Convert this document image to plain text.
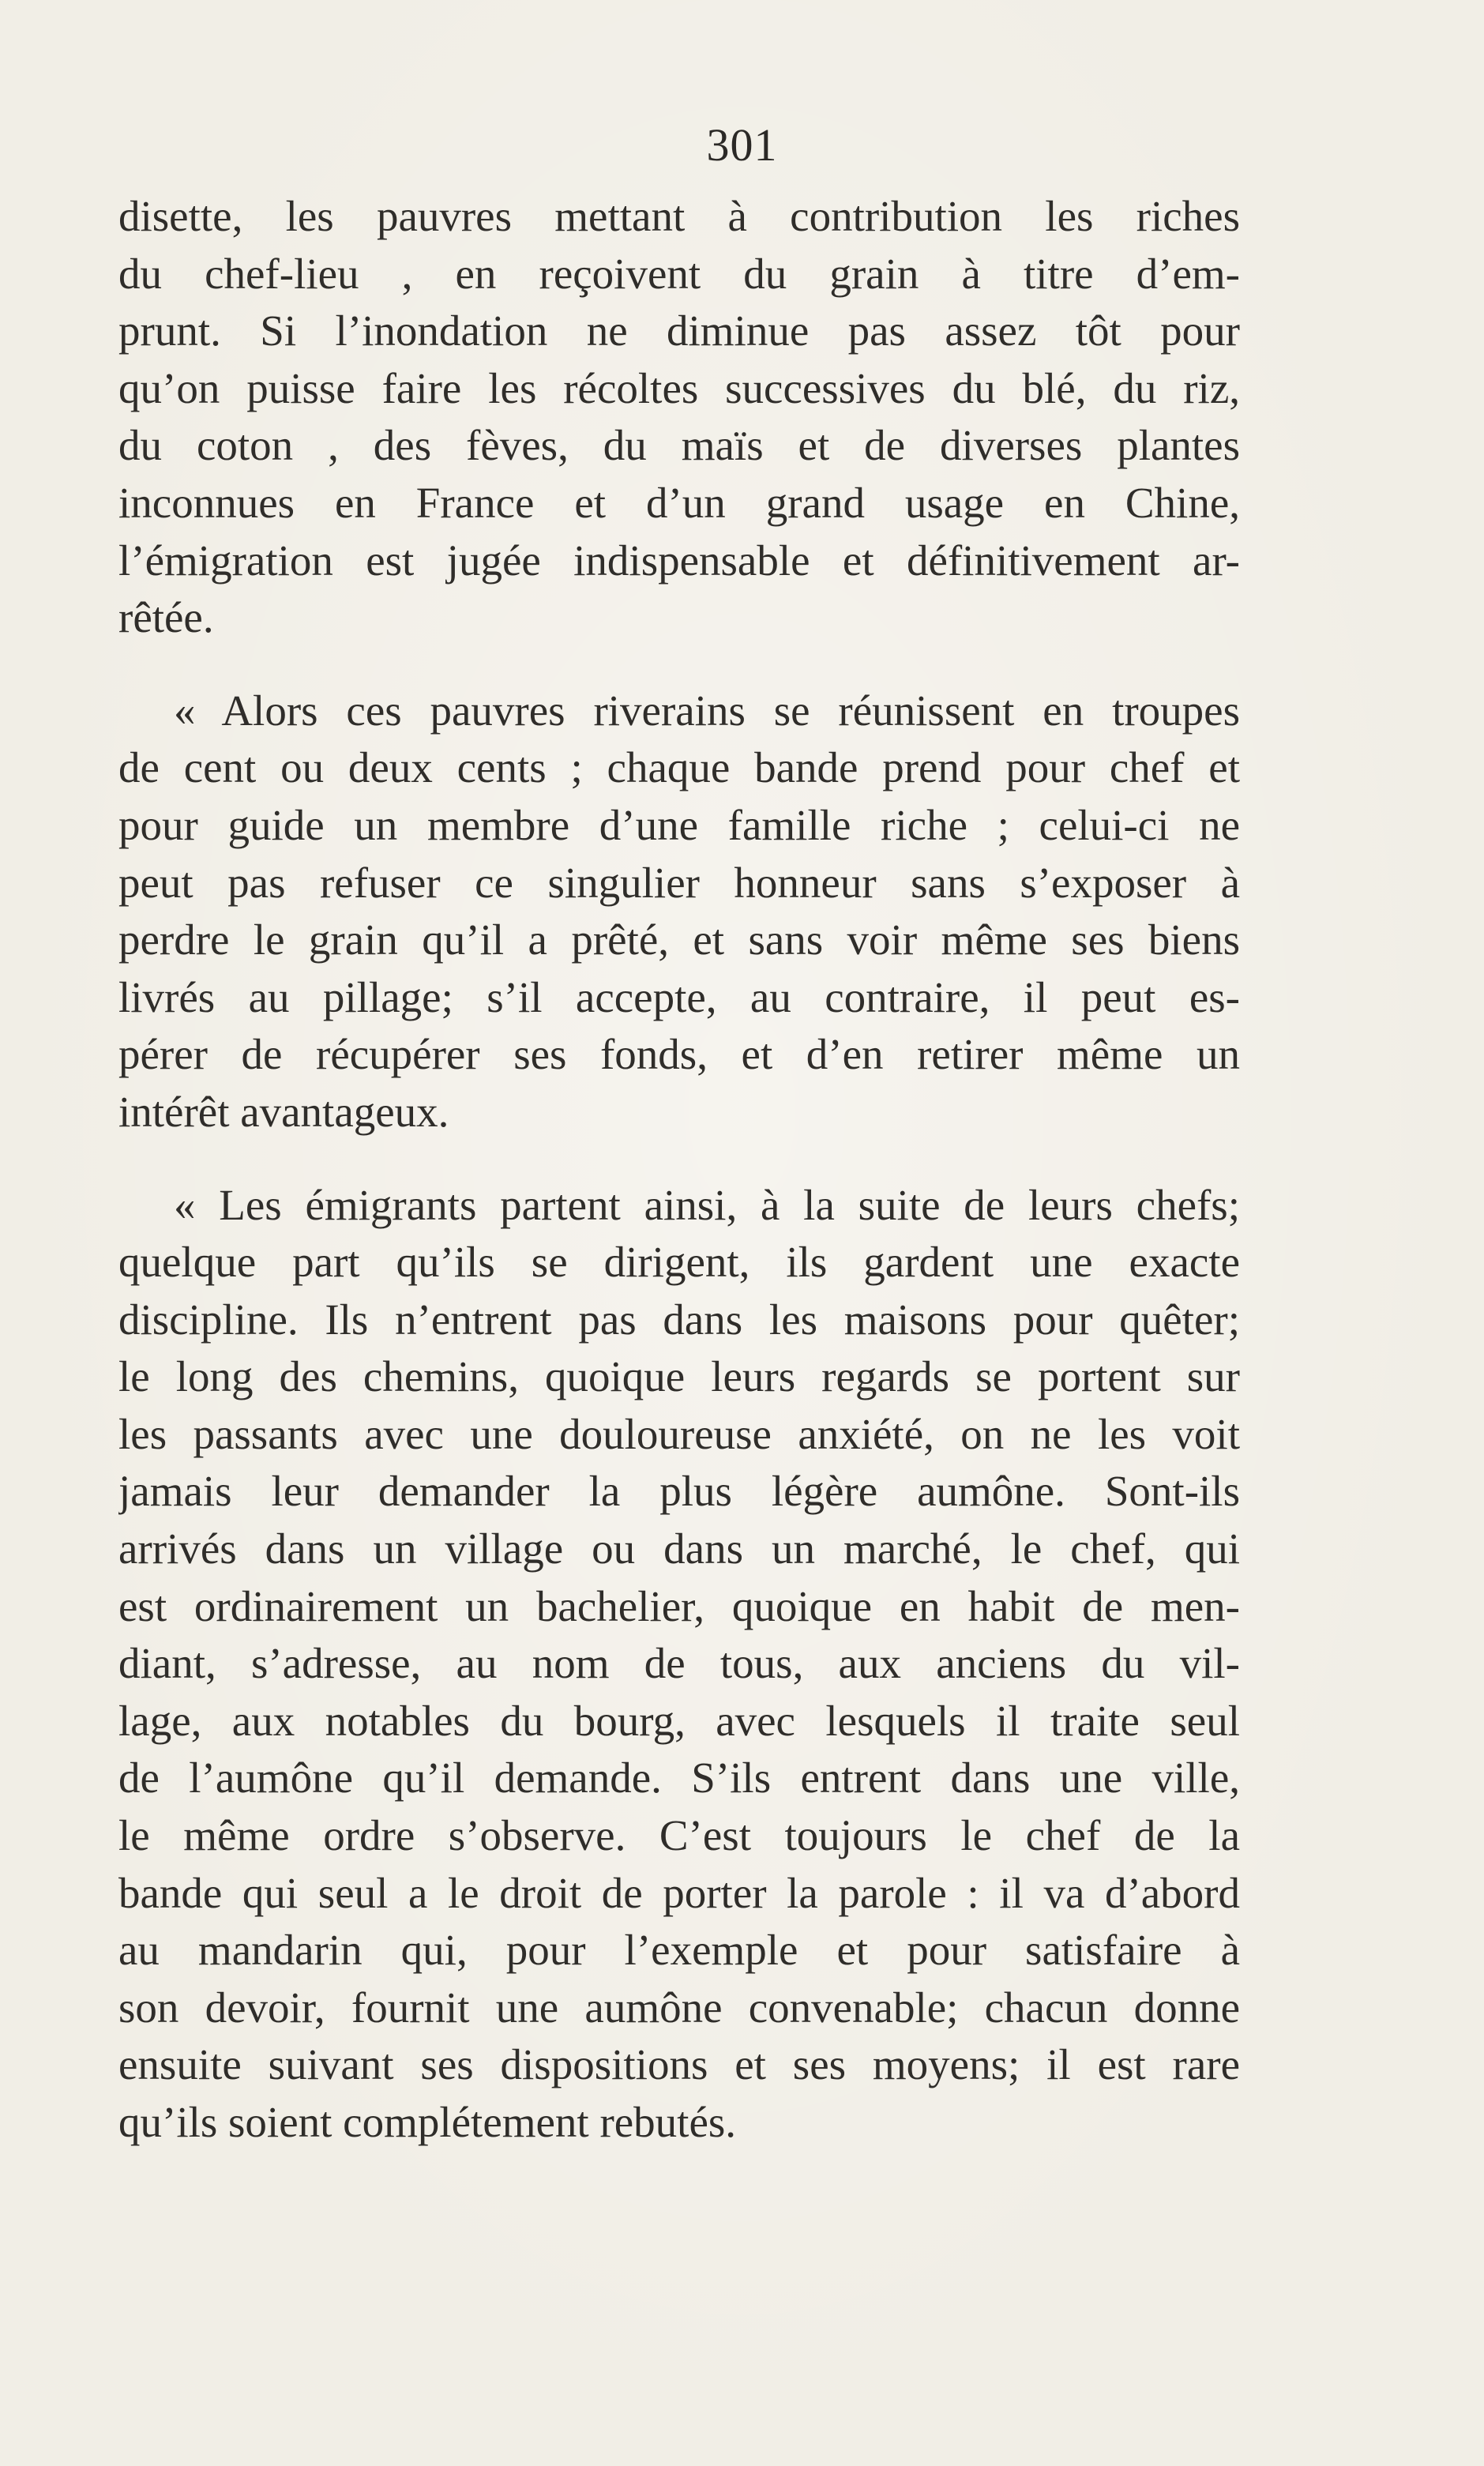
301
disette, les pauvres mettant à contribution les riches
du chef-lieu , en reçoivent du grain à titre d’em-
prunt. Si l’inondation ne diminue pas assez tôt pour
qu’on puisse faire les récoltes successives du blé, du riz,
du coton , des fèves, du maïs et de diverses plantes
inconnues en France et d’un grand usage en Chine,
l’émigration est jugée indispensable et définitivement ar-
rêtée.
« Alors ces pauvres riverains se réunissent en troupes
de cent ou deux cents ; chaque bande prend pour chef et
pour guide un membre d’une famille riche ; celui-ci ne
peut pas refuser ce singulier honneur sans s’exposer à
perdre le grain qu’il a prêté, et sans voir même ses biens
livrés au pillage; s’il accepte, au contraire, il peut es-
pérer de récupérer ses fonds, et d’en retirer même un
intérêt avantageux.
« Les émigrants partent ainsi, à la suite de leurs chefs;
quelque part qu’ils se dirigent, ils gardent une exacte
discipline. Ils n’entrent pas dans les maisons pour quêter;
le long des chemins, quoique leurs regards se portent sur
les passants avec une douloureuse anxiété, on ne les voit
jamais leur demander la plus légère aumône. Sont-ils
arrivés dans un village ou dans un marché, le chef, qui
est ordinairement un bachelier, quoique en habit de men-
diant, s’adresse, au nom de tous, aux anciens du vil-
lage, aux notables du bourg, avec lesquels il traite seul
de l’aumône qu’il demande. S’ils entrent dans une ville,
le même ordre s’observe. C’est toujours le chef de la
bande qui seul a le droit de porter la parole : il va d’abord
au mandarin qui, pour l’exemple et pour satisfaire à
son devoir, fournit une aumône convenable; chacun donne
ensuite suivant ses dispositions et ses moyens; il est rare
qu’ils soient complétement rebutés.
